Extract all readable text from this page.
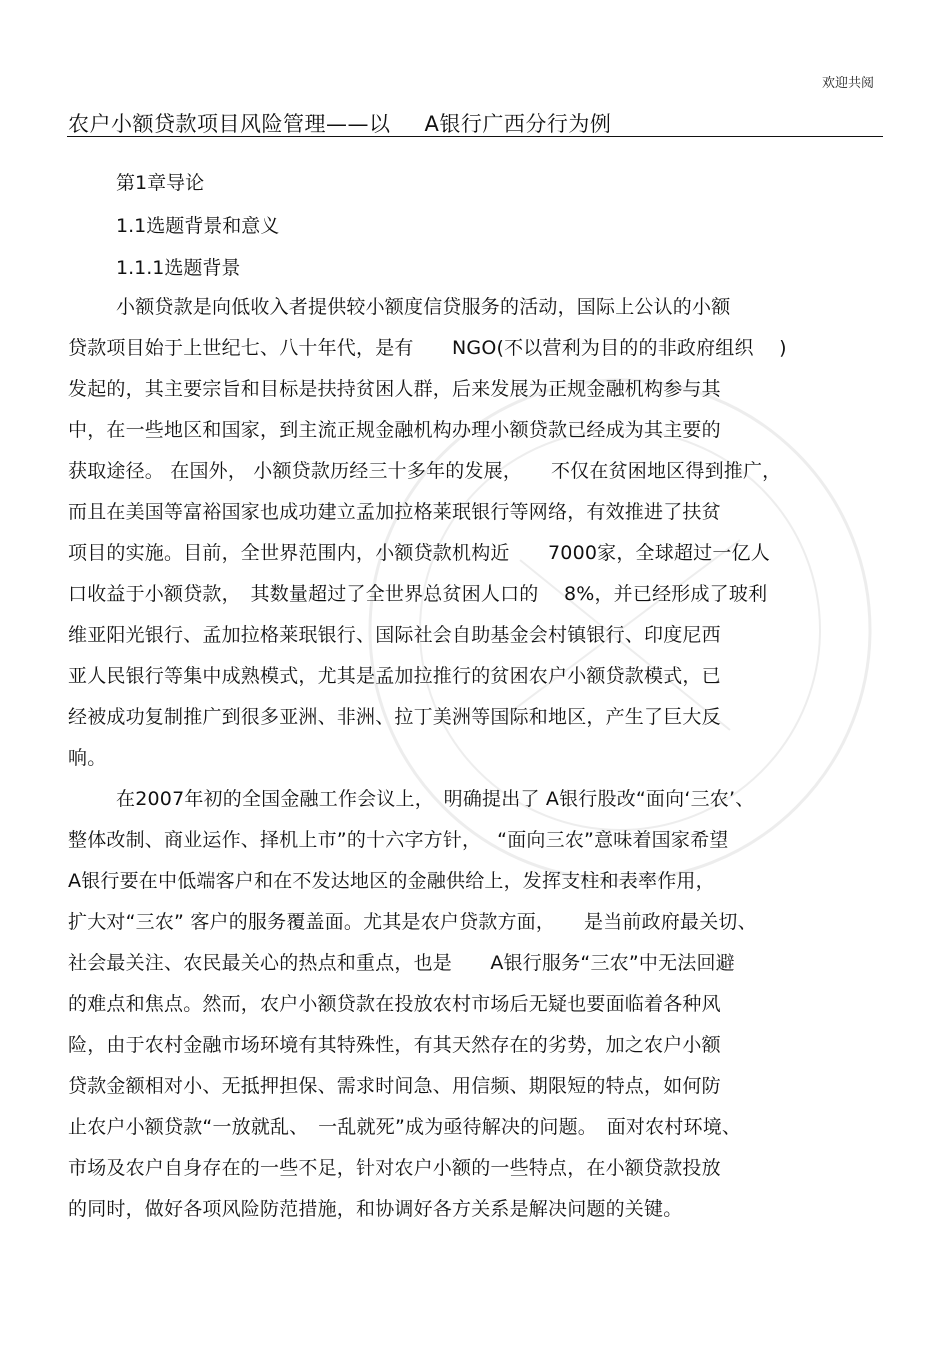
欢迎共阅
农户小额贷款项目风险管理——以 A银行广西分行为例
第1章导论
1.1选题背景和意义
1.1.1选题背景
小额贷款是向低收入者提供较小额度信贷服务的活动，国际上公认的小额
贷款项目始于上世纪七、八十年代，是有　　NGO(不以营利为目的的非政府组织　 )
发起的，其主要宗旨和目标是扶持贫困人群，后来发展为正规金融机构参与其
中，在一些地区和国家，到主流正规金融机构办理小额贷款已经成为其主要的
获取途径。 在国外， 小额贷款历经三十多年的发展，　　不仅在贫困地区得到推广，
而且在美国等富裕国家也成功建立孟加拉格莱珉银行等网络，有效推进了扶贫
项目的实施。目前，全世界范围内，小额贷款机构近　　7000家，全球超过一亿人
口收益于小额贷款，　其数量超过了全世界总贫困人口的　 8%，并已经形成了玻利
维亚阳光银行、孟加拉格莱珉银行、国际社会自助基金会村镇银行、印度尼西
亚人民银行等集中成熟模式，尤其是孟加拉推行的贫困农户小额贷款模式，已
经被成功复制推广到很多亚洲、非洲、拉丁美洲等国际和地区，产生了巨大反
响。
在2007年初的全国金融工作会议上，　明确提出了 A银行股改“面向‘三农’、
整体改制、商业运作、择机上市”的十六字方针，　 “面向三农”意味着国家希望
A银行要在中低端客户和在不发达地区的金融供给上，发挥支柱和表率作用，
扩大对“三农” 客户的服务覆盖面。尤其是农户贷款方面，　　是当前政府最关切、
社会最关注、农民最关心的热点和重点，也是　　A银行服务“三农”中无法回避
的难点和焦点。然而，农户小额贷款在投放农村市场后无疑也要面临着各种风
险，由于农村金融市场环境有其特殊性，有其天然存在的劣势，加之农户小额
贷款金额相对小、无抵押担保、需求时间急、用信频、期限短的特点，如何防
止农户小额贷款“一放就乱、　一乱就死”成为亟待解决的问题。　面对农村环境、
市场及农户自身存在的一些不足，针对农户小额的一些特点，在小额贷款投放
的同时，做好各项风险防范措施，和协调好各方关系是解决问题的关键。
